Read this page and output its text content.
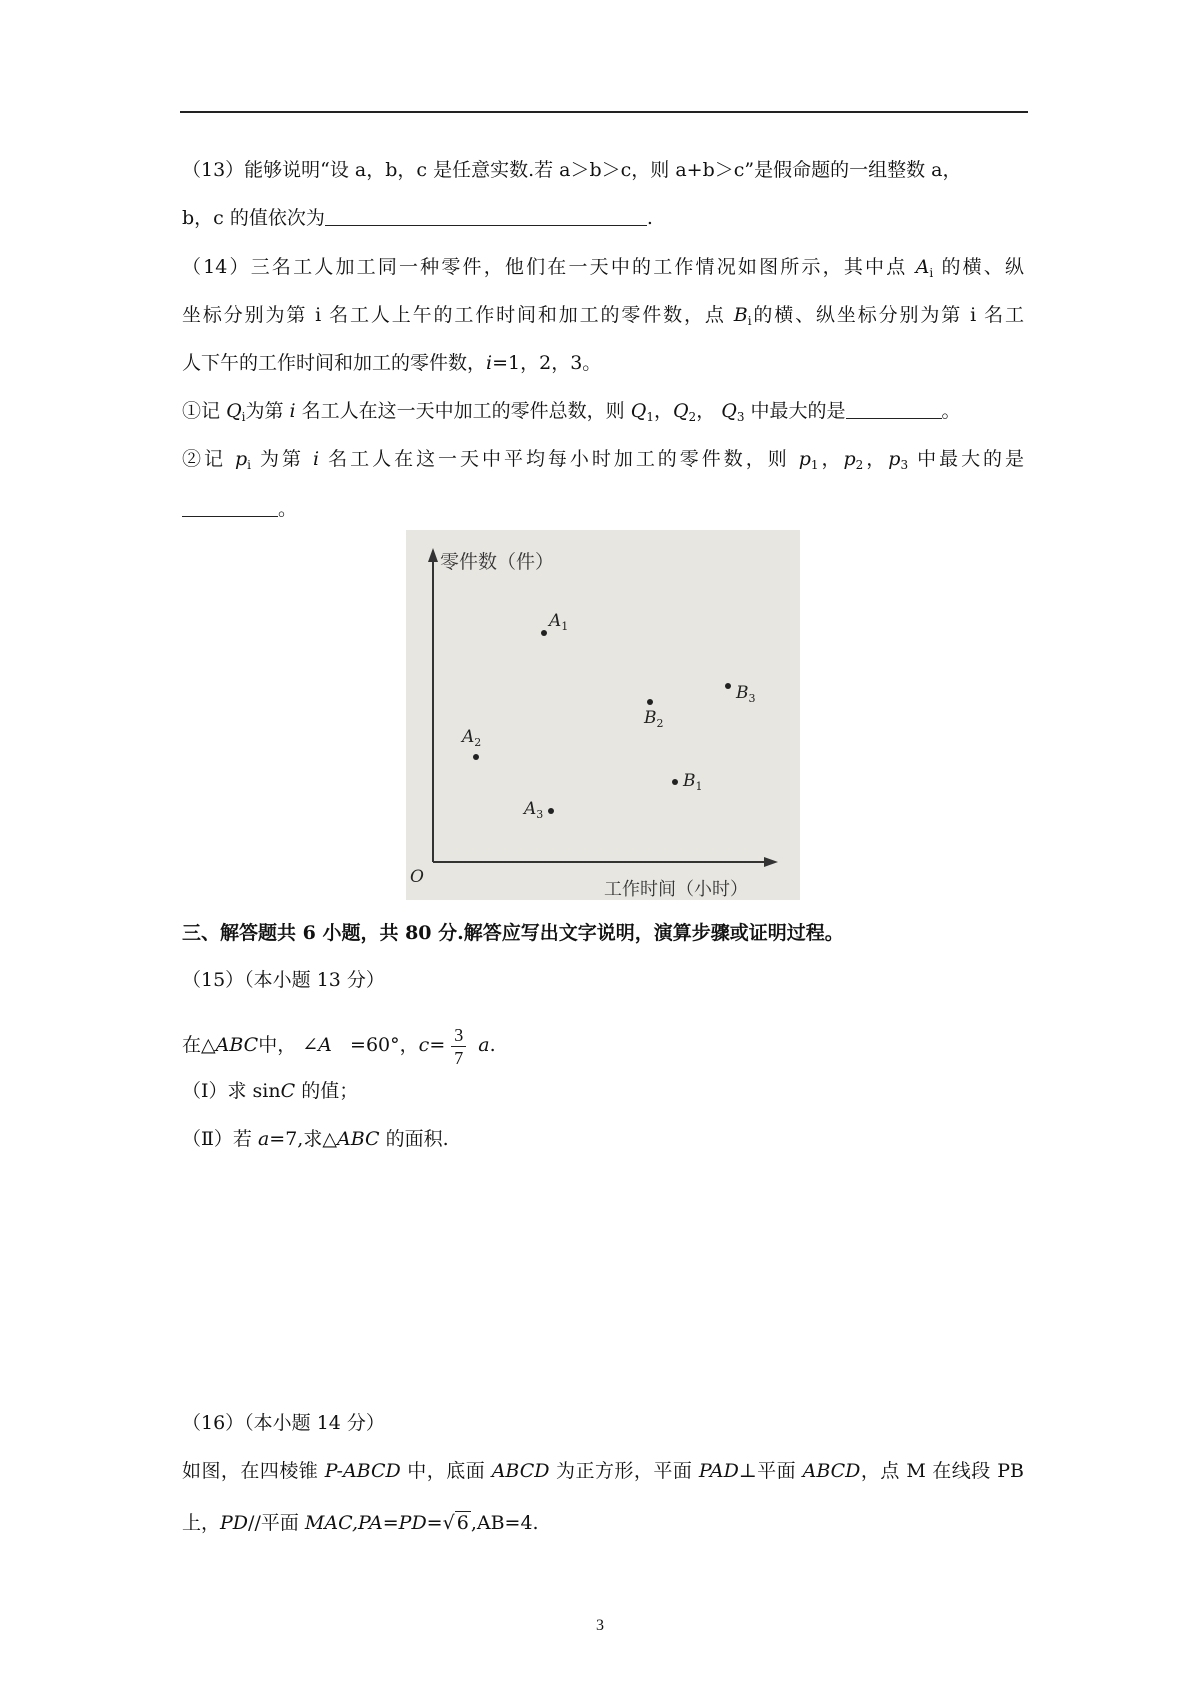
（13）能够说明“设 a，b，c 是任意实数.若 a＞b＞c，则 a+b＞c”是假命题的一组整数 a，
b，c 的值依次为	.
（14）三名工人加工同一种零件，他们在一天中的工作情况如图所示，其中点 $A_i$ 的横、纵
坐标分别为第 i 名工人上午的工作时间和加工的零件数，点 $B_i$的横、纵坐标分别为第 i 名工
人下午的工作时间和加工的零件数，i=1，2，3。
①记 $Q_i$为第 i 名工人在这一天中加工的零件总数，则 $Q_1$，$Q_2$， $Q_3$ 中最大的是	。
②记 $p_i$ 为第 i 名工人在这一天中平均每小时加工的零件数，则 $p_1$，$p_2$，$p_3$ 中最大的是
。
零件数（件）
工作时间（小时）
O
$A_1$
$A_2$
$A_3$
$B_1$
$B_2$
$B_3$
三、解答题共 6 小题，共 80 分.解答应写出文字说明，演算步骤或证明过程。
（15）（本小题 13 分）
在△ABC中， ∠A =60°，$c= \frac{3}{7} a$.
（Ⅰ）求 sinC 的值；
（Ⅱ）若 a=7,求△ABC 的面积.
（16）（本小题 14 分）
如图，在四棱锥 P-ABCD 中，底面 ABCD 为正方形，平面 PAD⊥平面 ABCD，点 M 在线段 PB
上，PD//平面 MAC,PA=PD=√ 6 ,AB=4.
3
